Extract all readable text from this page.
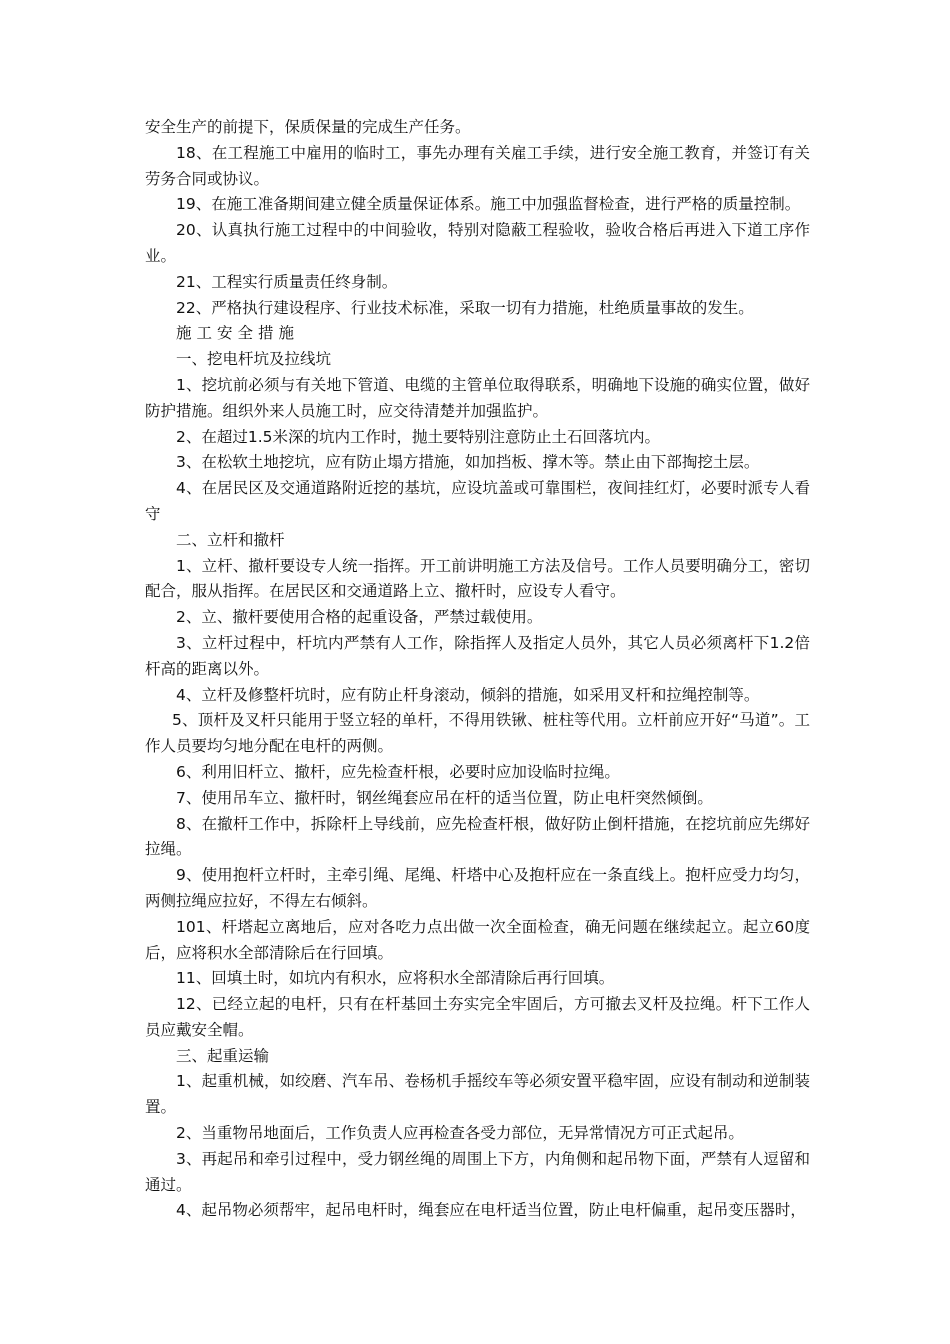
安全生产的前提下，保质保量的完成生产任务。

18、在工程施工中雇用的临时工，事先办理有关雇工手续，进行安全施工教育，并签订有关劳务合同或协议。

19、在施工准备期间建立健全质量保证体系。施工中加强监督检查，进行严格的质量控制。

20、认真执行施工过程中的中间验收，特别对隐蔽工程验收，验收合格后再进入下道工序作业。

21、工程实行质量责任终身制。

22、严格执行建设程序、行业技术标准，采取一切有力措施，杜绝质量事故的发生。

施工安全措施

一、挖电杆坑及拉线坑

1、挖坑前必须与有关地下管道、电缆的主管单位取得联系，明确地下设施的确实位置，做好防护措施。组织外来人员施工时，应交待清楚并加强监护。

2、在超过1.5米深的坑内工作时，抛土要特别注意防止土石回落坑内。

3、在松软土地挖坑，应有防止塌方措施，如加挡板、撑木等。禁止由下部掏挖土层。

4、在居民区及交通道路附近挖的基坑，应设坑盖或可靠围栏，夜间挂红灯，必要时派专人看守

二、立杆和撤杆

1、立杆、撤杆要设专人统一指挥。开工前讲明施工方法及信号。工作人员要明确分工，密切配合，服从指挥。在居民区和交通道路上立、撤杆时，应设专人看守。

2、立、撤杆要使用合格的起重设备，严禁过载使用。

3、立杆过程中，杆坑内严禁有人工作，除指挥人及指定人员外，其它人员必须离杆下1.2倍杆高的距离以外。

4、立杆及修整杆坑时，应有防止杆身滚动，倾斜的措施，如采用叉杆和拉绳控制等。

5、顶杆及叉杆只能用于竖立轻的单杆，不得用铁锹、桩柱等代用。立杆前应开好“马道”。工作人员要均匀地分配在电杆的两侧。

6、利用旧杆立、撤杆，应先检查杆根，必要时应加设临时拉绳。

7、使用吊车立、撤杆时，钢丝绳套应吊在杆的适当位置，防止电杆突然倾倒。

8、在撤杆工作中，拆除杆上导线前，应先检查杆根，做好防止倒杆措施，在挖坑前应先绑好拉绳。

9、使用抱杆立杆时，主牵引绳、尾绳、杆塔中心及抱杆应在一条直线上。抱杆应受力均匀，两侧拉绳应拉好，不得左右倾斜。

101、杆塔起立离地后，应对各吃力点出做一次全面检查，确无问题在继续起立。起立60度后，应将积水全部清除后在行回填。

11、回填土时，如坑内有积水，应将积水全部清除后再行回填。

12、已经立起的电杆，只有在杆基回土夯实完全牢固后，方可撤去叉杆及拉绳。杆下工作人员应戴安全帽。

三、起重运输

1、起重机械，如绞磨、汽车吊、卷杨机手摇绞车等必须安置平稳牢固，应设有制动和逆制装置。

2、当重物吊地面后，工作负责人应再检查各受力部位，无异常情况方可正式起吊。

3、再起吊和牵引过程中，受力钢丝绳的周围上下方，内角侧和起吊物下面，严禁有人逗留和通过。

4、起吊物必须帮牢，起吊电杆时，绳套应在电杆适当位置，防止电杆偏重，起吊变压器时，
